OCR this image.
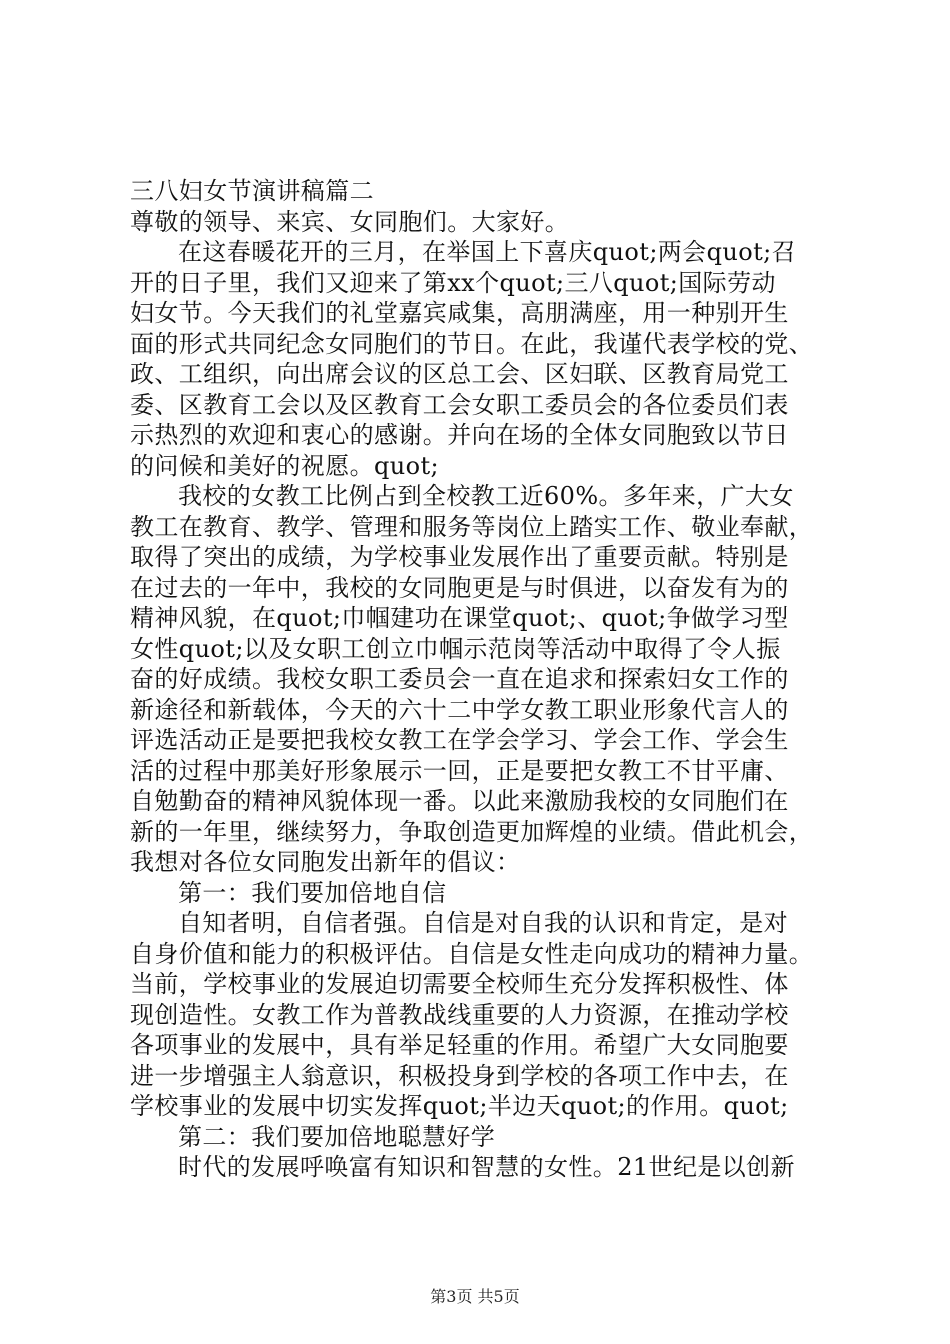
三八妇女节演讲稿篇二
尊敬的领导、来宾、女同胞们。大家好。
在这春暖花开的三月，在举国上下喜庆quot;两会quot;召
开的日子里，我们又迎来了第xx个quot;三八quot;国际劳动
妇女节。今天我们的礼堂嘉宾咸集，高朋满座，用一种别开生
面的形式共同纪念女同胞们的节日。在此，我谨代表学校的党、
政、工组织，向出席会议的区总工会、区妇联、区教育局党工
委、区教育工会以及区教育工会女职工委员会的各位委员们表
示热烈的欢迎和衷心的感谢。并向在场的全体女同胞致以节日
的问候和美好的祝愿。quot;
我校的女教工比例占到全校教工近60%。多年来，广大女
教工在教育、教学、管理和服务等岗位上踏实工作、敬业奉献，
取得了突出的成绩，为学校事业发展作出了重要贡献。特别是
在过去的一年中，我校的女同胞更是与时俱进，以奋发有为的
精神风貌，在quot;巾帼建功在课堂quot;、quot;争做学习型
女性quot;以及女职工创立巾帼示范岗等活动中取得了令人振
奋的好成绩。我校女职工委员会一直在追求和探索妇女工作的
新途径和新载体，今天的六十二中学女教工职业形象代言人的
评选活动正是要把我校女教工在学会学习、学会工作、学会生
活的过程中那美好形象展示一回，正是要把女教工不甘平庸、
自勉勤奋的精神风貌体现一番。以此来激励我校的女同胞们在
新的一年里，继续努力，争取创造更加辉煌的业绩。借此机会，
我想对各位女同胞发出新年的倡议：
第一：我们要加倍地自信
自知者明，自信者强。自信是对自我的认识和肯定，是对
自身价值和能力的积极评估。自信是女性走向成功的精神力量。
当前，学校事业的发展迫切需要全校师生充分发挥积极性、体
现创造性。女教工作为普教战线重要的人力资源，在推动学校
各项事业的发展中，具有举足轻重的作用。希望广大女同胞要
进一步增强主人翁意识，积极投身到学校的各项工作中去，在
学校事业的发展中切实发挥quot;半边天quot;的作用。quot;
第二：我们要加倍地聪慧好学
时代的发展呼唤富有知识和智慧的女性。21世纪是以创新
第3页 共5页
